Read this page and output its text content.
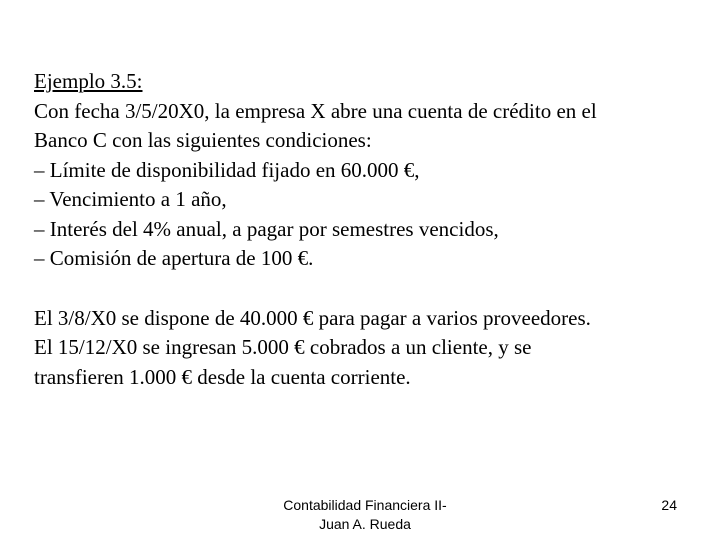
Ejemplo 3.5:
Con fecha 3/5/20X0, la empresa X abre una cuenta de crédito en el
Banco C con las siguientes condiciones:
– Límite de disponibilidad fijado en 60.000 €,
– Vencimiento a 1 año,
– Interés del 4% anual, a pagar por semestres vencidos,
– Comisión de apertura de 100 €.
El 3/8/X0 se dispone de 40.000 € para pagar a varios proveedores.
El 15/12/X0 se ingresan 5.000 € cobrados a un cliente, y se
transfieren 1.000 € desde la cuenta corriente.
Contabilidad Financiera II-
Juan A. Rueda
24
